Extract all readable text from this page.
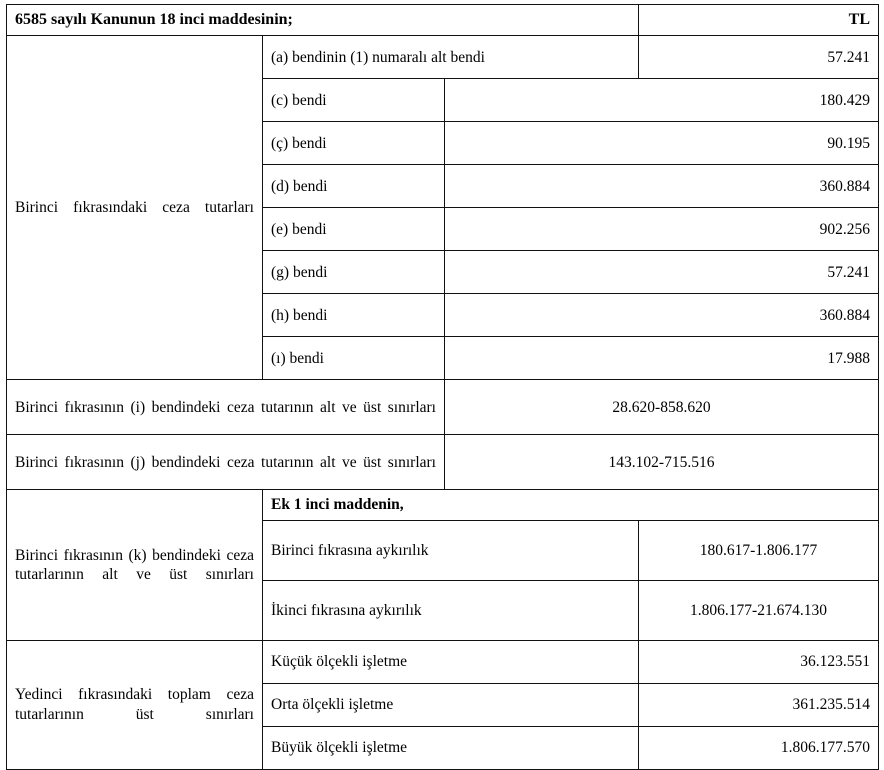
6585 sayılı Kanunun 18 inci maddesinin;			TL
Birinci fıkrasındaki ceza tutarları	(a) bendinin (1) numaralı alt bendi		57.241
	(c) bendi	180.429	
	(ç) bendi	90.195	
	(d) bendi	360.884	
	(e) bendi	902.256	
	(g) bendi	57.241	
	(h) bendi	360.884	
	(ı) bendi	17.988	
Birinci fıkrasının (i) bendindeki ceza tutarının alt ve üst sınırları		28.620-858.620	
Birinci fıkrasının (j) bendindeki ceza tutarının alt ve üst sınırları		143.102-715.516	
Birinci fıkrasının (k) bendindeki ceza tutarlarının alt ve üst sınırları	Ek 1 inci maddenin,		
	Birinci fıkrasına aykırılık		180.617-1.806.177
	İkinci fıkrasına aykırılık		1.806.177-21.674.130
Yedinci fıkrasındaki toplam ceza tutarlarının üst sınırları	Küçük ölçekli işletme		36.123.551
	Orta ölçekli işletme		361.235.514
	Büyük ölçekli işletme		1.806.177.570
